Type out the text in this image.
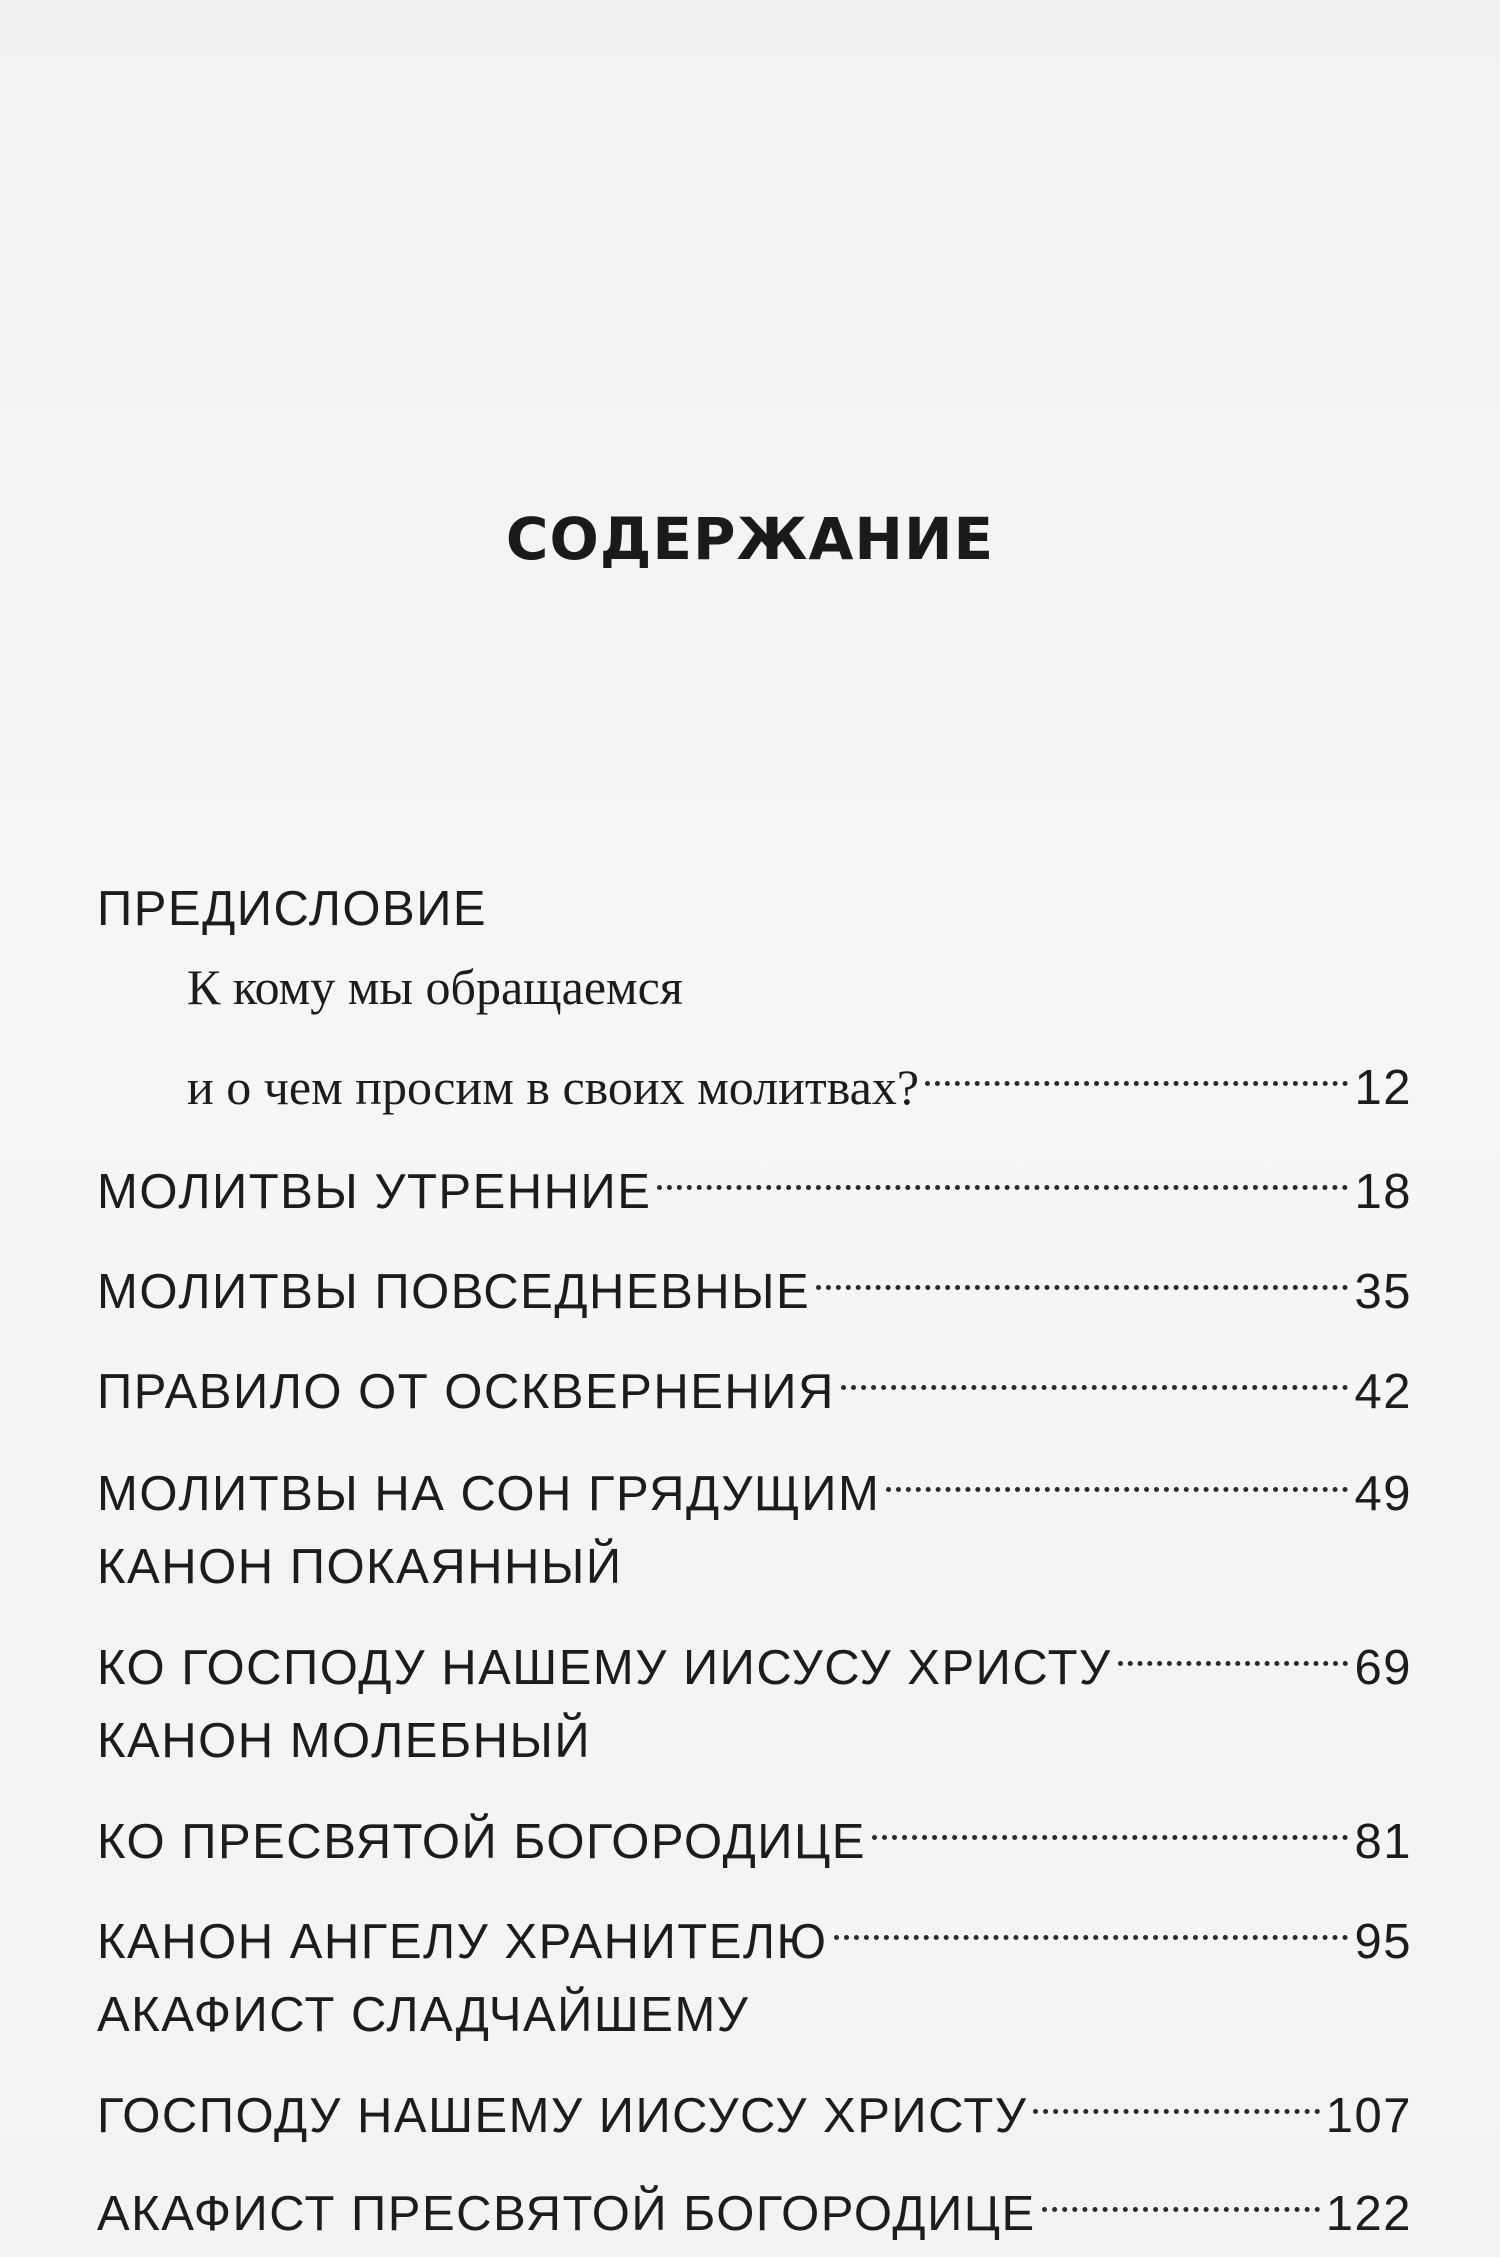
СОДЕРЖАНИЕ
ПРЕДИСЛОВИЕ
К кому мы обращаемся
и о чем просим в своих молитвах?	12
МОЛИТВЫ УТРЕННИЕ	18
МОЛИТВЫ ПОВСЕДНЕВНЫЕ	35
ПРАВИЛО ОТ ОСКВЕРНЕНИЯ	42
МОЛИТВЫ НА СОН ГРЯДУЩИМ	49
КАНОН ПОКАЯННЫЙ
КО ГОСПОДУ НАШЕМУ ИИСУСУ ХРИСТУ	69
КАНОН МОЛЕБНЫЙ
КО ПРЕСВЯТОЙ БОГОРОДИЦЕ	81
КАНОН АНГЕЛУ ХРАНИТЕЛЮ	95
АКАФИСТ СЛАДЧАЙШЕМУ
ГОСПОДУ НАШЕМУ ИИСУСУ ХРИСТУ	107
АКАФИСТ ПРЕСВЯТОЙ БОГОРОДИЦЕ	122
